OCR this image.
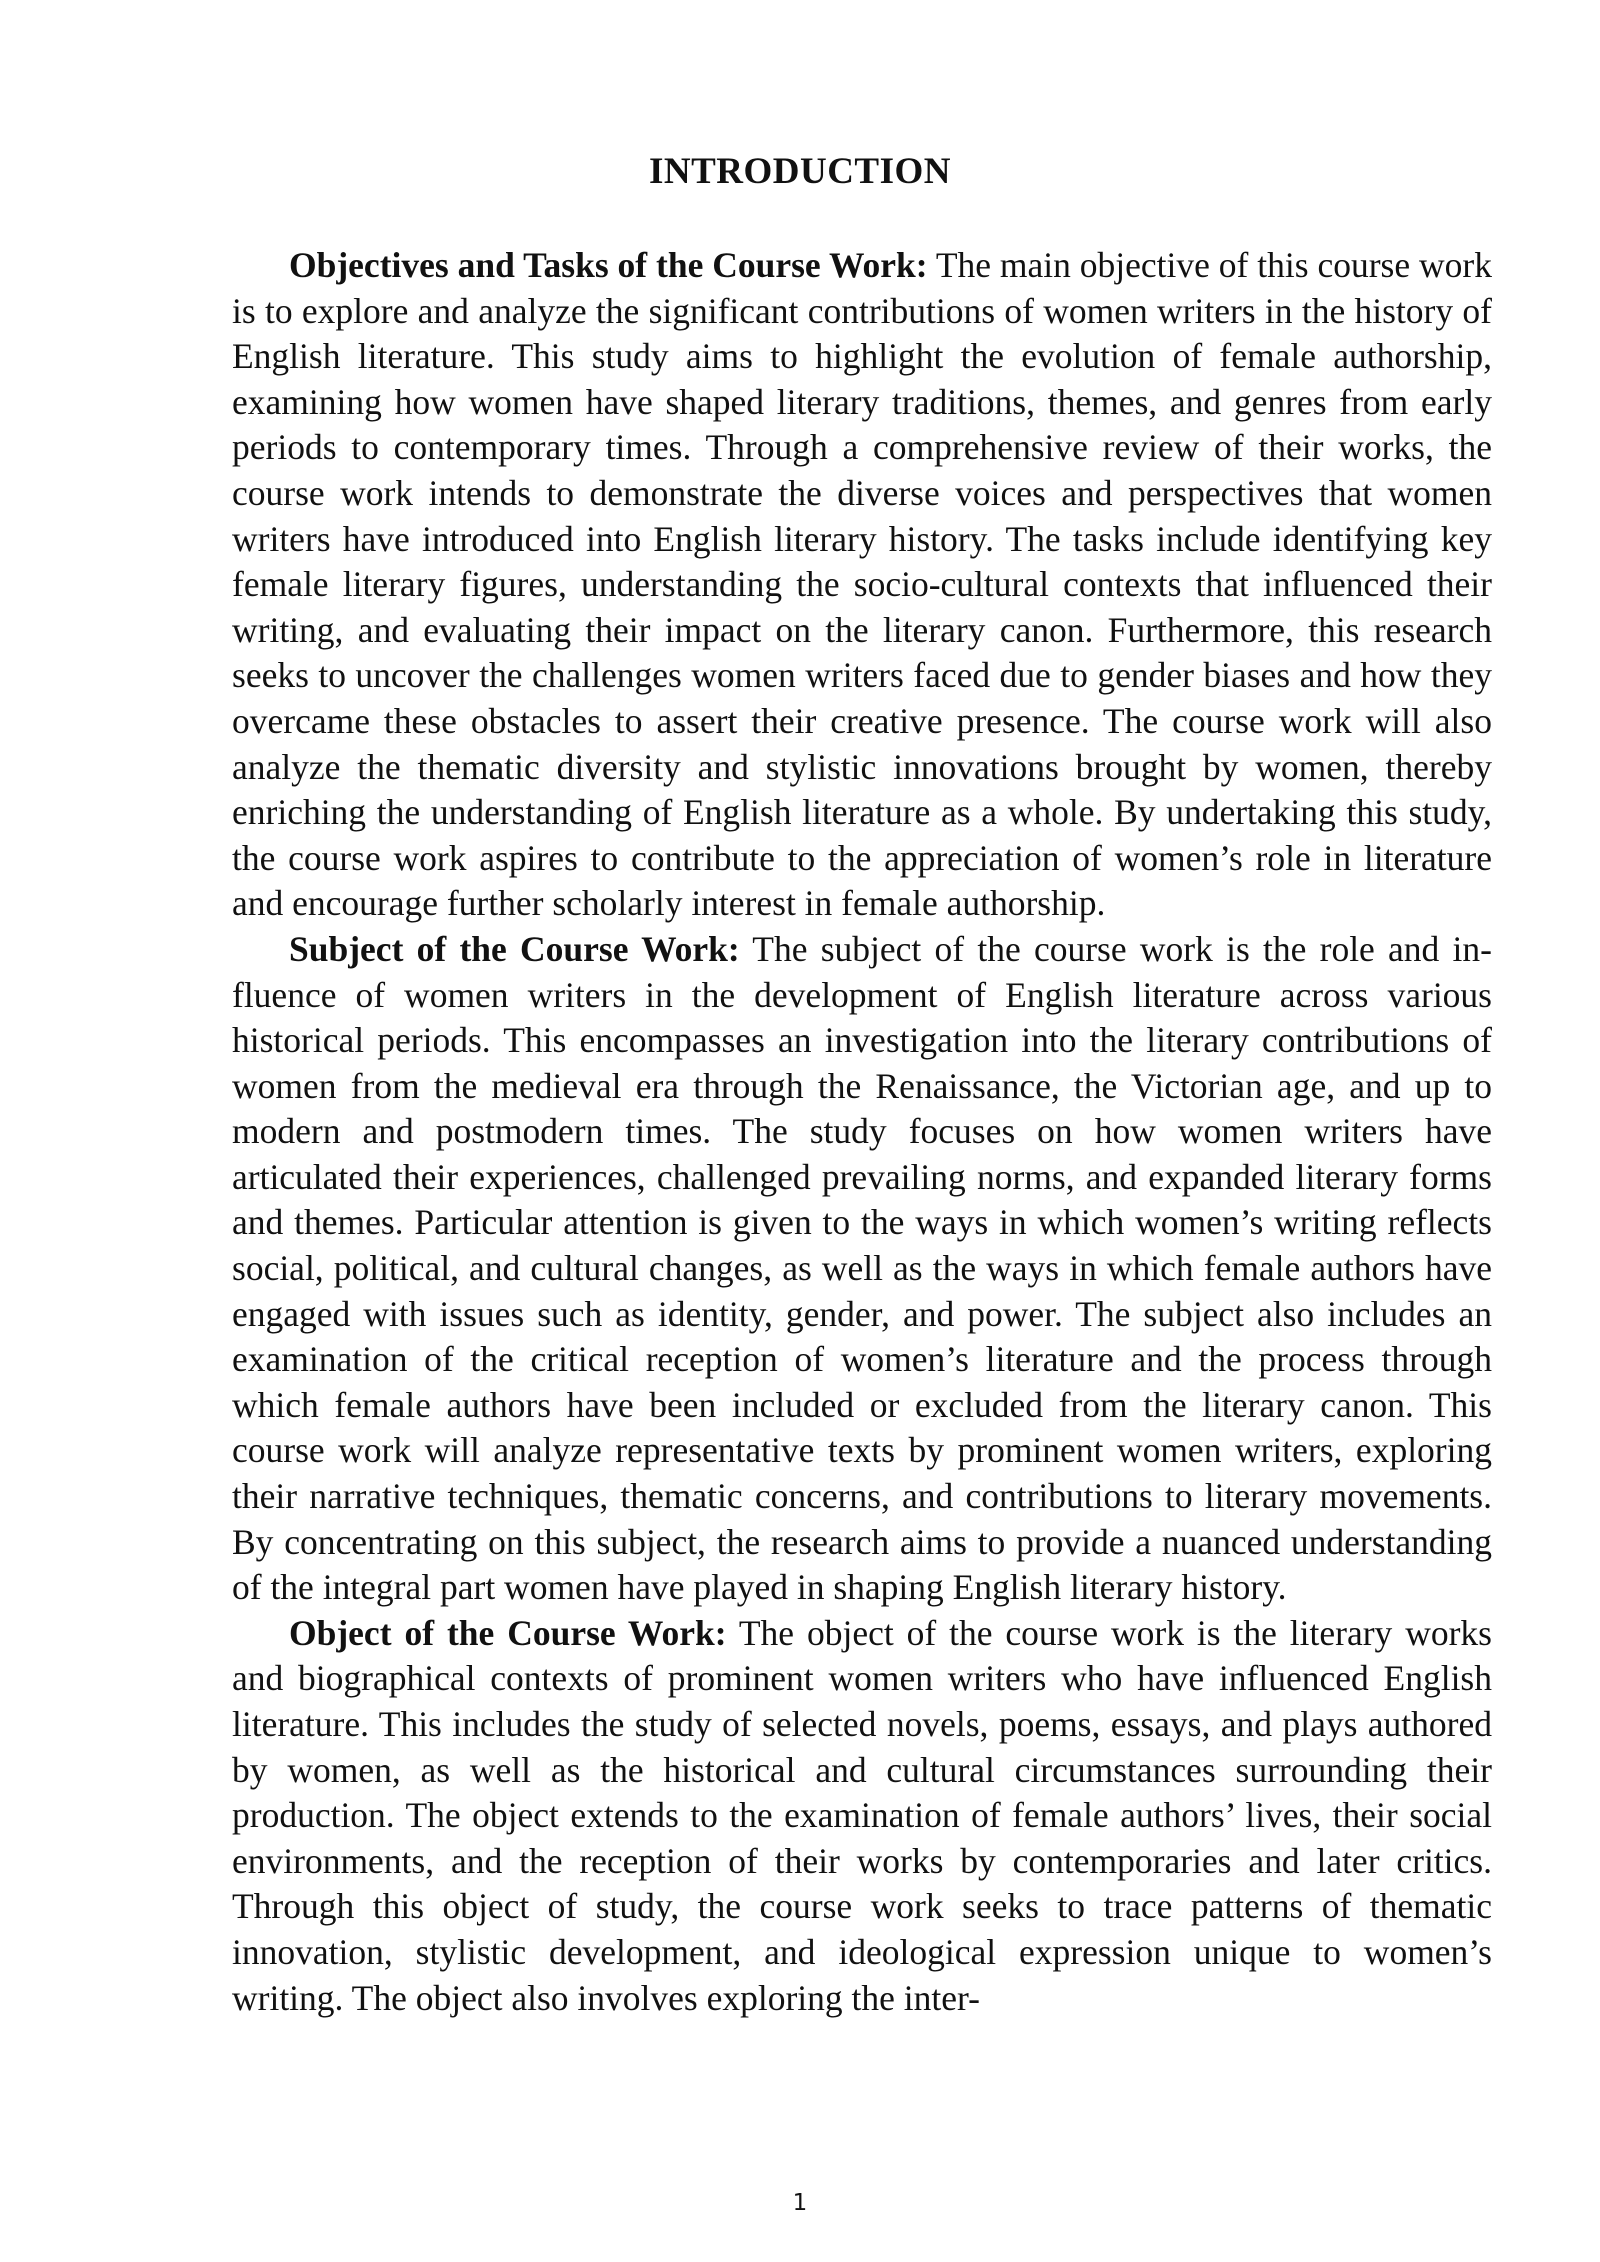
INTRODUCTION

Objectives and Tasks of the Course Work: The main objective of this course work is to explore and analyze the significant contributions of women writers in the history of English literature. This study aims to highlight the evolution of female authorship, examining how women have shaped literary traditions, themes, and genres from early periods to contemporary times. Through a comprehensive review of their works, the course work intends to demonstrate the diverse voices and perspectives that women writers have introduced into English literary history. The tasks include identifying key female literary figures, understanding the socio-cultural contexts that influenced their writing, and evaluating their impact on the literary canon. Furthermore, this research seeks to uncover the challenges women writers faced due to gender biases and how they overcame these obstacles to assert their creative presence. The course work will also analyze the thematic diversity and stylistic innovations brought by women, thereby enriching the understanding of English literature as a whole. By undertaking this study, the course work aspires to contribute to the appreciation of women’s role in literature and encourage further scholarly interest in female authorship.

Subject of the Course Work: The subject of the course work is the role and influence of women writers in the development of English literature across various historical periods. This encompasses an investigation into the literary contributions of women from the medieval era through the Renaissance, the Victorian age, and up to modern and postmodern times. The study focuses on how women writers have articulated their experiences, challenged prevailing norms, and expanded literary forms and themes. Particular attention is given to the ways in which women’s writing reflects social, political, and cultural changes, as well as the ways in which female authors have engaged with issues such as identity, gender, and power. The subject also includes an examination of the critical reception of women’s literature and the process through which female authors have been included or excluded from the literary canon. This course work will analyze representative texts by prominent women writers, exploring their narrative techniques, thematic concerns, and contributions to literary movements. By concentrating on this subject, the research aims to provide a nuanced understanding of the integral part women have played in shaping English literary history.

Object of the Course Work: The object of the course work is the literary works and biographical contexts of prominent women writers who have influenced English literature. This includes the study of selected novels, poems, essays, and plays authored by women, as well as the historical and cultural circumstances surrounding their production. The object extends to the examination of female authors’ lives, their social environments, and the reception of their works by contemporaries and later critics. Through this object of study, the course work seeks to trace patterns of thematic innovation, stylistic development, and ideological expression unique to women’s writing. The object also involves exploring the inter-

1
